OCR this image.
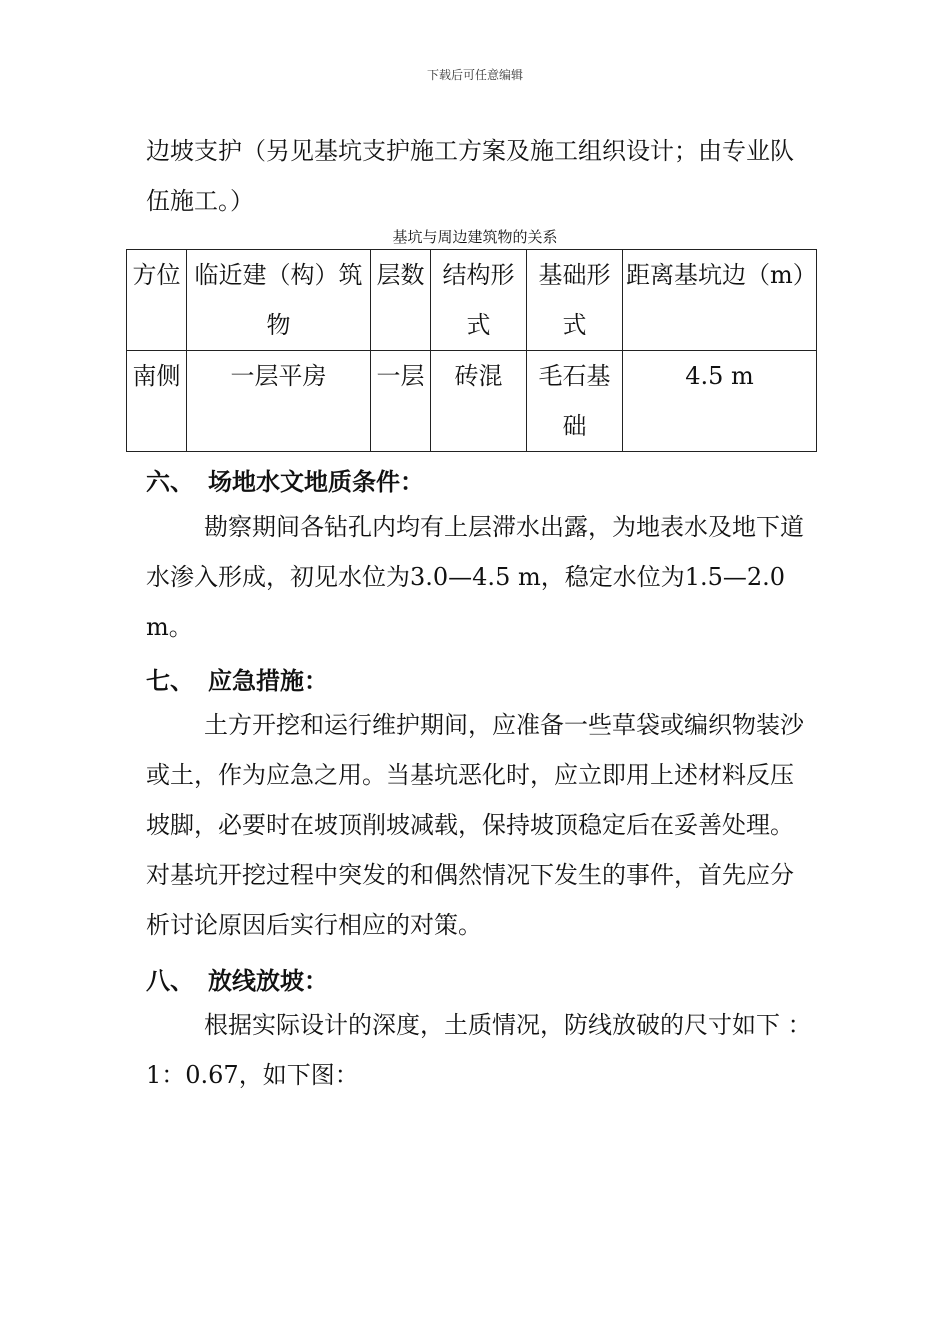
下载后可任意编辑

边坡支护（另见基坑支护施工方案及施工组织设计；由专业队伍施工。）

基坑与周边建筑物的关系
方位	临近建（构）筑物	层数	结构形式	基础形式	距离基坑边（m）
南侧	一层平房	一层	砖混	毛石基础	4.5 m
六、 场地水文地质条件：

勘察期间各钻孔内均有上层滞水出露，为地表水及地下道水渗入形成，初见水位为3.0—4.5 m，稳定水位为1.5—2.0 m。

七、 应急措施：

土方开挖和运行维护期间，应准备一些草袋或编织物装沙或土，作为应急之用。当基坑恶化时，应立即用上述材料反压坡脚，必要时在坡顶削坡减载，保持坡顶稳定后在妥善处理。对基坑开挖过程中突发的和偶然情况下发生的事件，首先应分析讨论原因后实行相应的对策。

八、 放线放坡：

根据实际设计的深度，土质情况，防线放破的尺寸如下 ：1：0.67，如下图：
